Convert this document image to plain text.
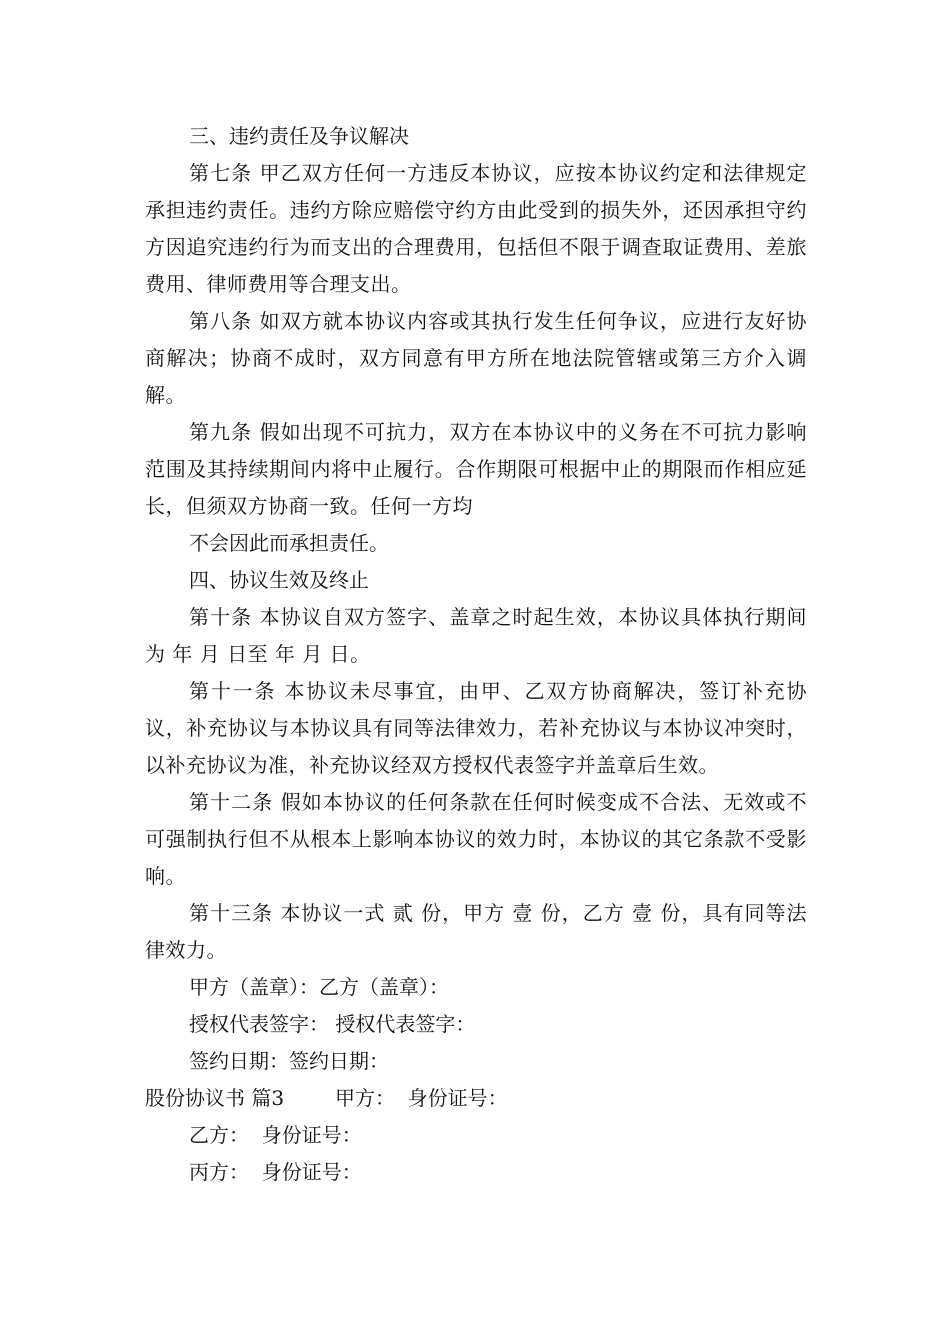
三、违约责任及争议解决

第七条 甲乙双方任何一方违反本协议，应按本协议约定和法律规定承担违约责任。违约方除应赔偿守约方由此受到的损失外，还因承担守约方因追究违约行为而支出的合理费用，包括但不限于调查取证费用、差旅费用、律师费用等合理支出。

第八条 如双方就本协议内容或其执行发生任何争议，应进行友好协商解决；协商不成时，双方同意有甲方所在地法院管辖或第三方介入调解。

第九条 假如出现不可抗力，双方在本协议中的义务在不可抗力影响范围及其持续期间内将中止履行。合作期限可根据中止的期限而作相应延长，但须双方协商一致。任何一方均

不会因此而承担责任。

四、协议生效及终止

第十条 本协议自双方签字、盖章之时起生效，本协议具体执行期间为 年 月 日至 年 月 日。

第十一条 本协议未尽事宜，由甲、乙双方协商解决，签订补充协议，补充协议与本协议具有同等法律效力，若补充协议与本协议冲突时，以补充协议为准，补充协议经双方授权代表签字并盖章后生效。

第十二条 假如本协议的任何条款在任何时候变成不合法、无效或不可强制执行但不从根本上影响本协议的效力时，本协议的其它条款不受影响。

第十三条 本协议一式 贰 份，甲方 壹 份，乙方 壹 份，具有同等法律效力。

甲方（盖章）：乙方（盖章）：

授权代表签字： 授权代表签字：

签约日期：签约日期：

股份协议书 篇3        甲方：  身份证号：

乙方：  身份证号：

丙方：  身份证号：
